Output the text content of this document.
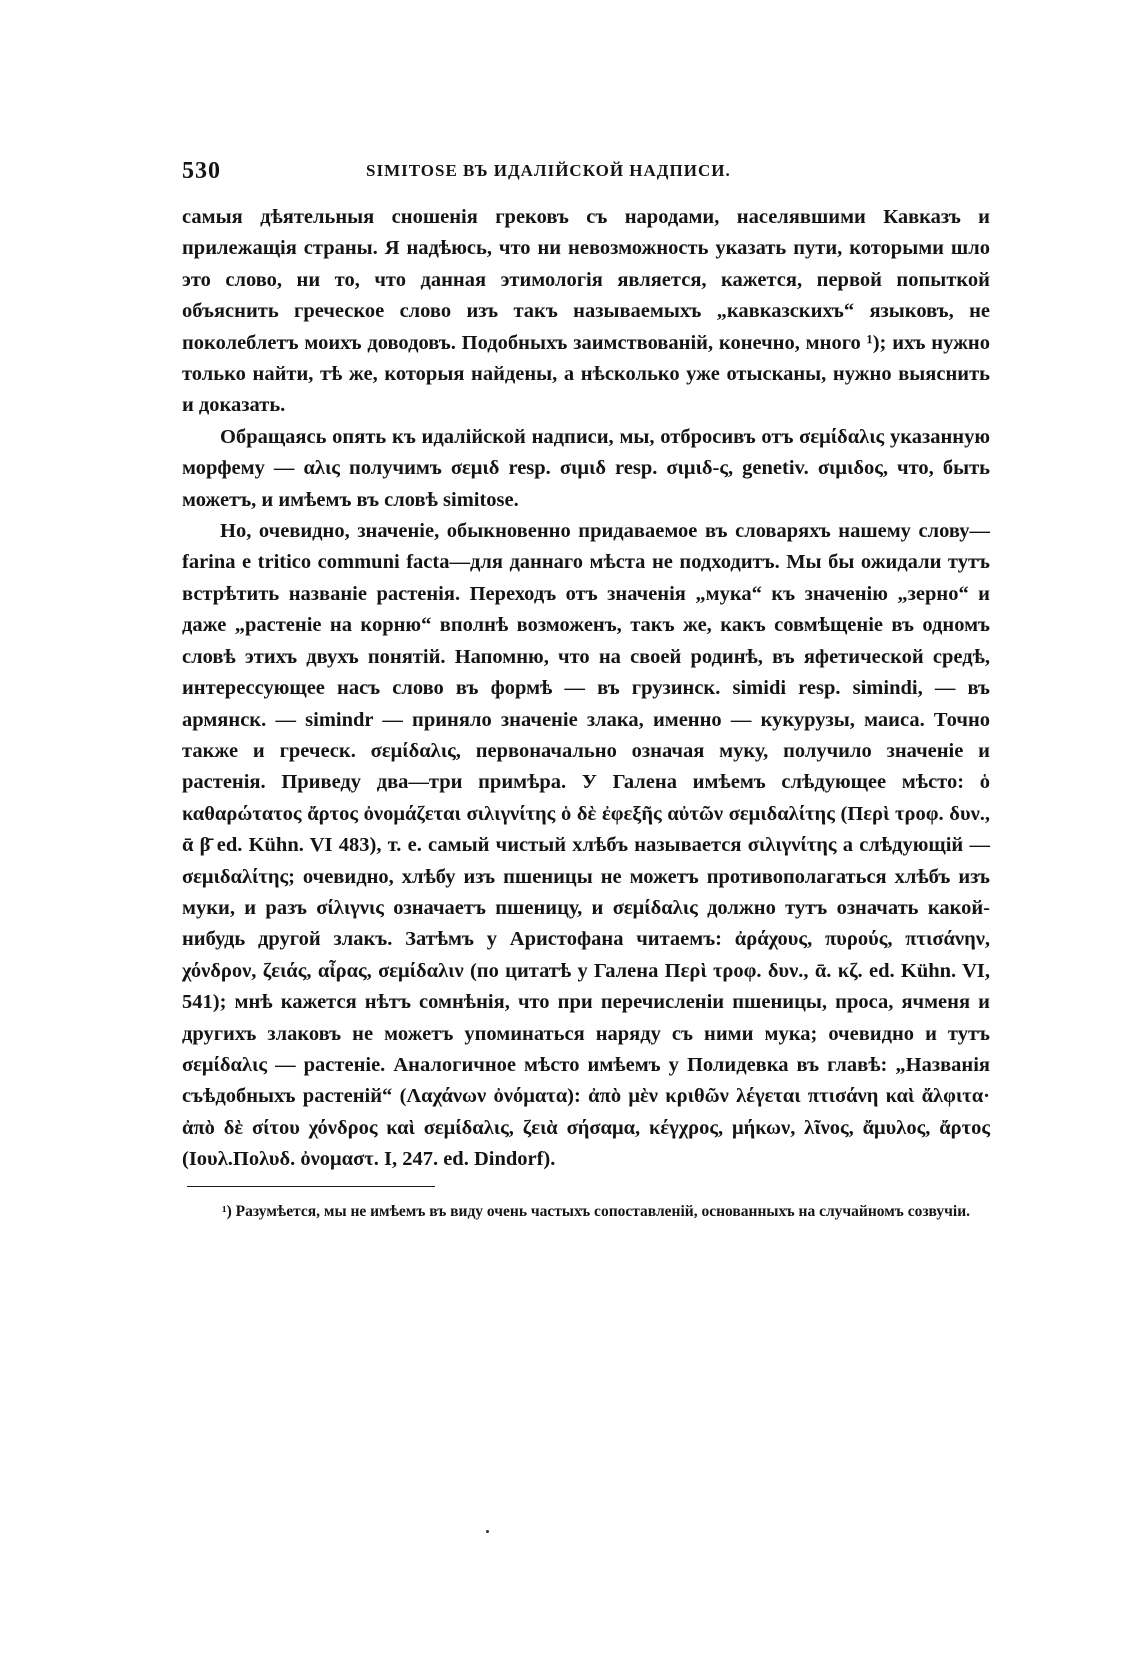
530	SIMITOSE ВЪ ИДАЛІЙСКОЙ НАДПИСИ.

самыя дѣятельныя сношенія грековъ съ народами, населявшими Кавказъ и прилежащія страны. Я надѣюсь, что ни невозможность указать пути, которыми шло это слово, ни то, что данная этимологія является, кажется, первой попыткой объяснить греческое слово изъ такъ называемыхъ „кавказскихъ“ языковъ, не поколеблетъ моихъ доводовъ. Подобныхъ заимствованій, конечно, много ¹); ихъ нужно только найти, тѣ же, которыя найдены, а нѣсколько уже отысканы, нужно выяснить и доказать.

Обращаясь опять къ идалійской надписи, мы, отбросивъ отъ σεμίδαλις указанную морфему — αλις получимъ σεμιδ resp. σιμιδ resp. σιμιδ-ς, genetiv. σιμιδος, что, быть можетъ, и имѣемъ въ словѣ simitose.

Но, очевидно, значеніе, обыкновенно придаваемое въ словаряхъ нашему слову—farina e tritico communi facta—для даннаго мѣста не подходитъ. Мы бы ожидали тутъ встрѣтить названіе растенія. Переходъ отъ значенія „мука“ къ значенію „зерно“ и даже „растеніе на корню“ вполнѣ возможенъ, такъ же, какъ совмѣщеніе въ одномъ словѣ этихъ двухъ понятій. Напомню, что на своей родинѣ, въ яфетической средѣ, интерессующее насъ слово въ формѣ — въ грузинск. simidi resp. simindi, — въ армянск. — simindr — приняло значеніе злака, именно — кукурузы, маиса. Точно также и греческ. σεμίδαλις, первоначально означая муку, получило значеніе и растенія. Приведу два—три примѣра. У Галена имѣемъ слѣдующее мѣсто: ὁ καθαρώτατος ἄρτος ὀνομάζεται σιλιγνίτης ὁ δὲ ἐφεξῆς αὐτῶν σεμιδαλίτης (Περὶ τροφ. δυν., ᾱ β̄ ed. Kühn. VI 483), т. е. самый чистый хлѣбъ называется σιλιγνίτης а слѣдующій — σεμιδαλίτης; очевидно, хлѣбу изъ пшеницы не можетъ противополагаться хлѣбъ изъ муки, и разъ σίλιγνις означаетъ пшеницу, и σεμίδαλις должно тутъ означать какой-нибудь другой злакъ. Затѣмъ у Аристофана читаемъ: ἀράχους, πυρούς, πτισάνην, χόνδρον, ζειάς, αἶρας, σεμίδαλιν (по цитатѣ у Галена Περὶ τροφ. δυν., ᾱ. κζ. ed. Kühn. VI, 541); мнѣ кажется нѣтъ сомнѣнія, что при перечисленіи пшеницы, проса, ячменя и другихъ злаковъ не можетъ упоминаться наряду съ ними мука; очевидно и тутъ σεμίδαλις — растеніе. Аналогичное мѣсто имѣемъ у Полидевка въ главѣ: „Названія съѣдобныхъ растеній“ (Λαχάνων ὀνόματα): ἀπὸ μὲν κριθῶν λέγεται πτισάνη καὶ ἄλφιτα· ἀπὸ δὲ σίτου χόνδρος καὶ σεμίδαλις, ζειὰ σήσαμα, κέγχρος, μήκων, λῖνος, ἄμυλος, ἄρτος (Ιουλ.Πολυδ. ὀνομαστ. I, 247. ed. Dindorf).

¹) Разумѣется, мы не имѣемъ въ виду очень частыхъ сопоставленій, основанныхъ на случайномъ созвучіи.
